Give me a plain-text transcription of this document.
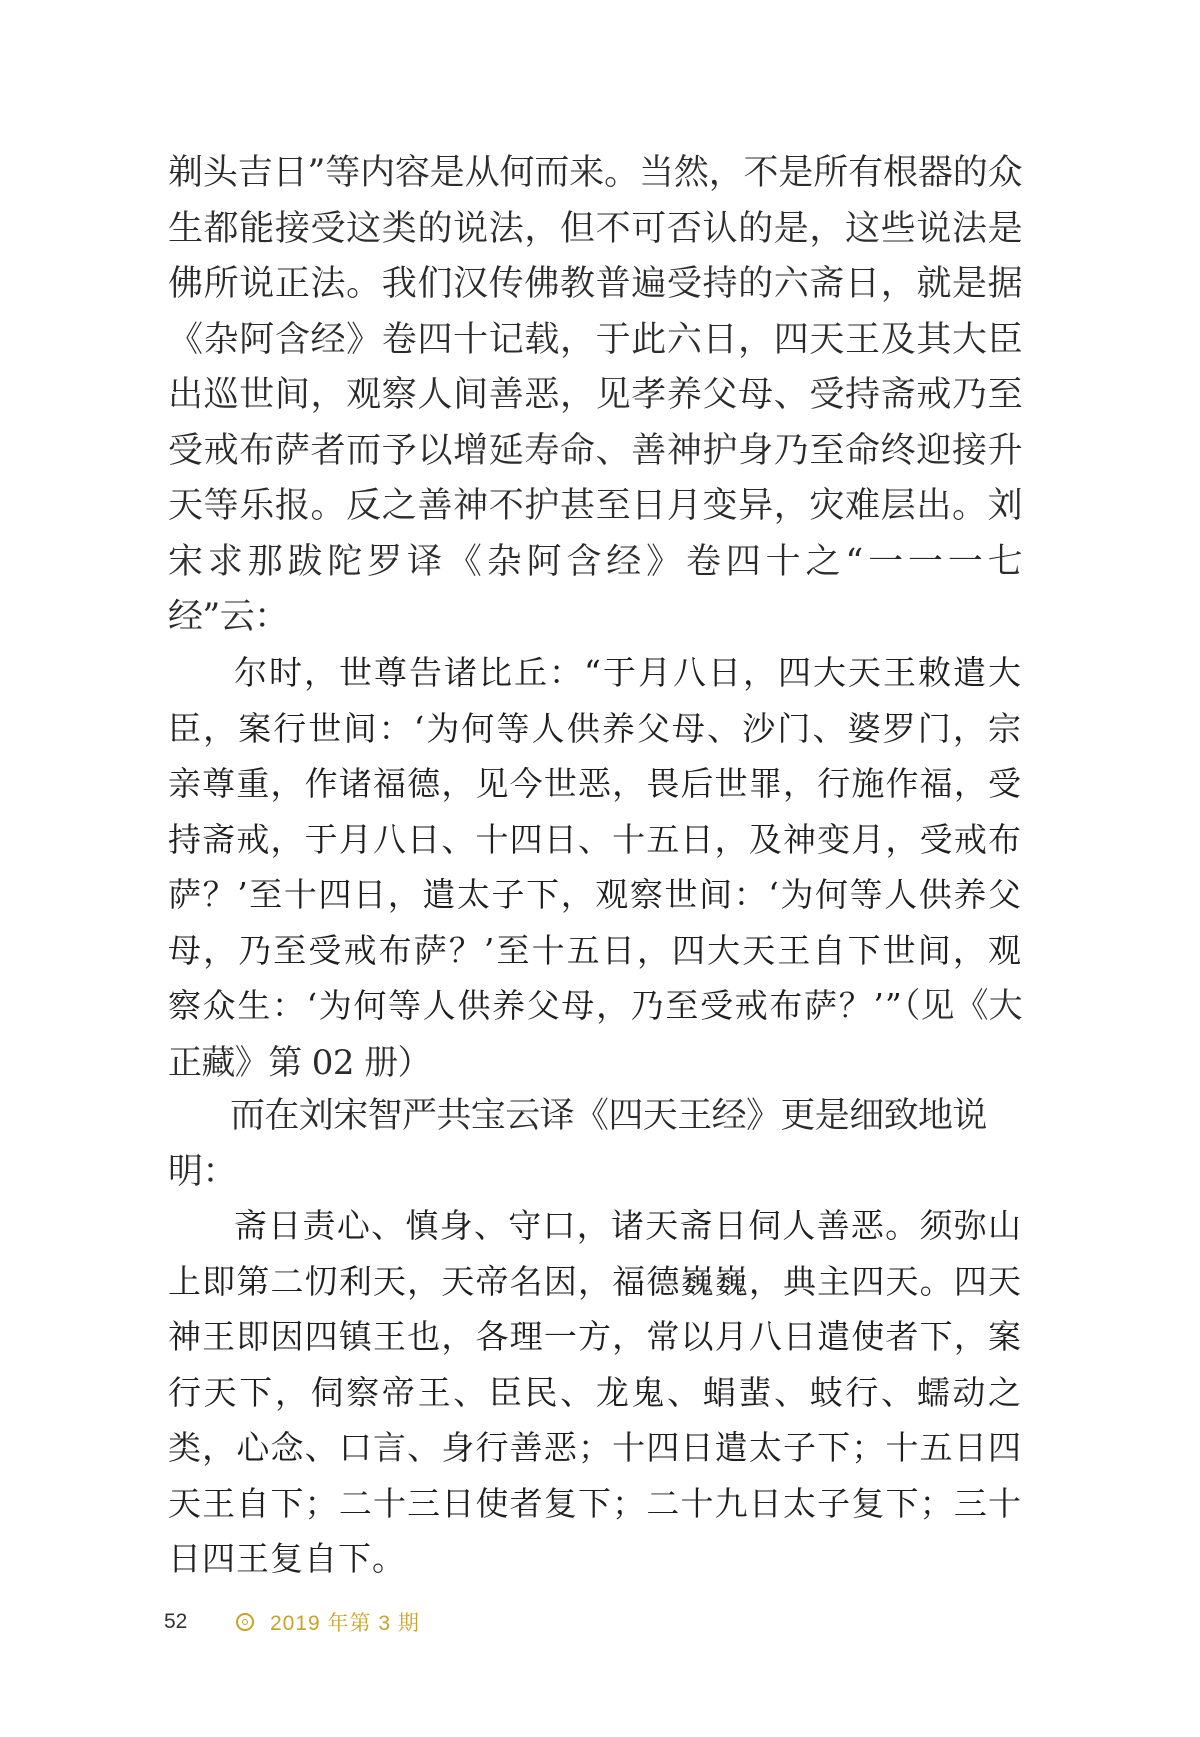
剃头吉日”等内容是从何而来。当然，不是所有根器的众生都能接受这类的说法，但不可否认的是，这些说法是佛所说正法。我们汉传佛教普遍受持的六斋日，就是据《杂阿含经》卷四十记载，于此六日，四天王及其大臣出巡世间，观察人间善恶，见孝养父母、受持斋戒乃至受戒布萨者而予以增延寿命、善神护身乃至命终迎接升天等乐报。反之善神不护甚至日月变异，灾难层出。刘宋求那跋陀罗译《杂阿含经》卷四十之“一一一七经”云：

尔时，世尊告诸比丘：“于月八日，四大天王敕遣大臣，案行世间：‘为何等人供养父母、沙门、婆罗门，宗亲尊重，作诸福德，见今世恶，畏后世罪，行施作福，受持斋戒，于月八日、十四日、十五日，及神变月，受戒布萨？’至十四日，遣太子下，观察世间：‘为何等人供养父母，乃至受戒布萨？’至十五日，四大天王自下世间，观察众生：‘为何等人供养父母，乃至受戒布萨？’”（见《大正藏》第 02 册）

而在刘宋智严共宝云译《四天王经》更是细致地说明：

斋日责心、慎身、守口，诸天斋日伺人善恶。须弥山上即第二忉利天，天帝名因，福德巍巍，典主四天。四天神王即因四镇王也，各理一方，常以月八日遣使者下，案行天下，伺察帝王、臣民、龙鬼、蜎蜚、蚑行、蠕动之类，心念、口言、身行善恶；十四日遣太子下；十五日四天王自下；二十三日使者复下；二十九日太子复下；三十日四王复自下。

52	2019 年第 3 期
